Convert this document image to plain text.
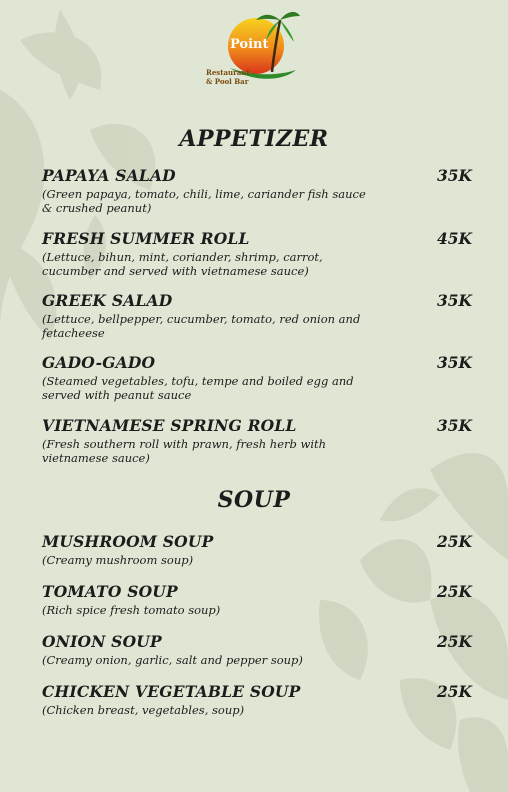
Point
Restaurant
& Pool Bar
APPETIZER
PAPAYA SALAD
(Green papaya, tomato, chili, lime, cariander fish sauce & crushed peanut)
35K
FRESH SUMMER ROLL
(Lettuce, bihun, mint, coriander, shrimp, carrot, cucumber and served with vietnamese sauce)
45K
GREEK SALAD
(Lettuce, bellpepper, cucumber, tomato, red onion and fetacheese
35K
GADO-GADO
(Steamed vegetables, tofu, tempe and boiled egg and served with peanut sauce
35K
VIETNAMESE SPRING ROLL
(Fresh southern roll with prawn, fresh herb with vietnamese sauce)
35K
SOUP
MUSHROOM SOUP
(Creamy mushroom soup)
25K
TOMATO SOUP
(Rich spice fresh tomato soup)
25K
ONION SOUP
(Creamy onion, garlic, salt and pepper soup)
25K
CHICKEN VEGETABLE SOUP
(Chicken breast, vegetables, soup)
25K
